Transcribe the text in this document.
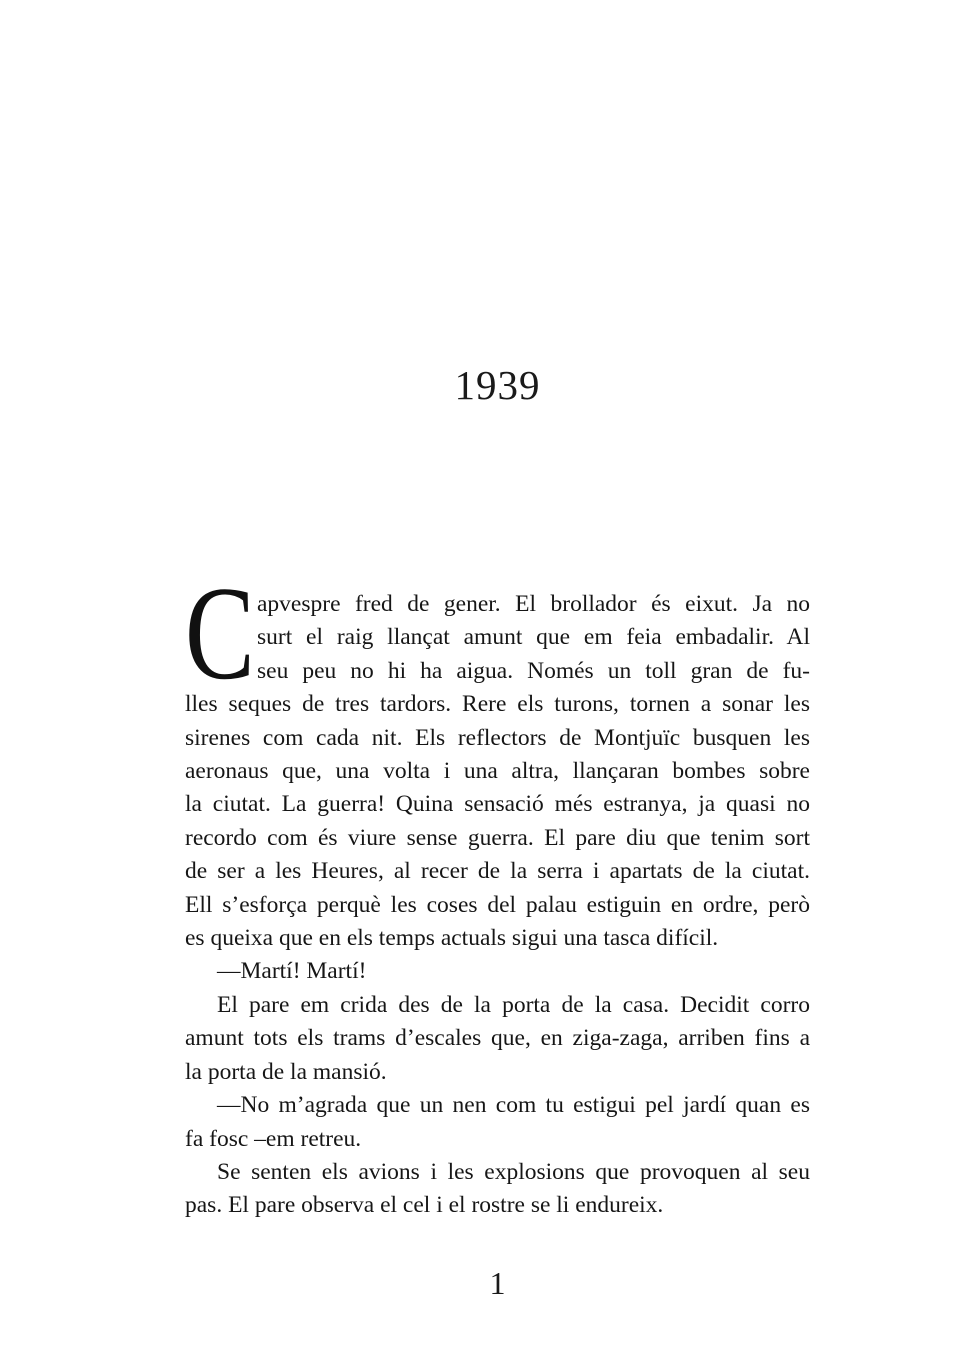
1939
C apvespre fred de gener. El brollador és eixut. Ja no
surt el raig llançat amunt que em feia embadalir. Al
seu peu no hi ha aigua. Només un toll gran de fu-
lles seques de tres tardors. Rere els turons, tornen a sonar les
sirenes com cada nit. Els reflectors de Montjuïc busquen les
aeronaus que, una volta i una altra, llançaran bombes sobre
la ciutat. La guerra! Quina sensació més estranya, ja quasi no
recordo com és viure sense guerra. El pare diu que tenim sort
de ser a les Heures, al recer de la serra i apartats de la ciutat.
Ell s’esforça perquè les coses del palau estiguin en ordre, però
es queixa que en els temps actuals sigui una tasca difícil.
—Martí! Martí!
El pare em crida des de la porta de la casa. Decidit corro
amunt tots els trams d’escales que, en ziga-zaga, arriben fins a
la porta de la mansió.
—No m’agrada que un nen com tu estigui pel jardí quan es
fa fosc –em retreu.
Se senten els avions i les explosions que provoquen al seu
pas. El pare observa el cel i el rostre se li endureix.
1
